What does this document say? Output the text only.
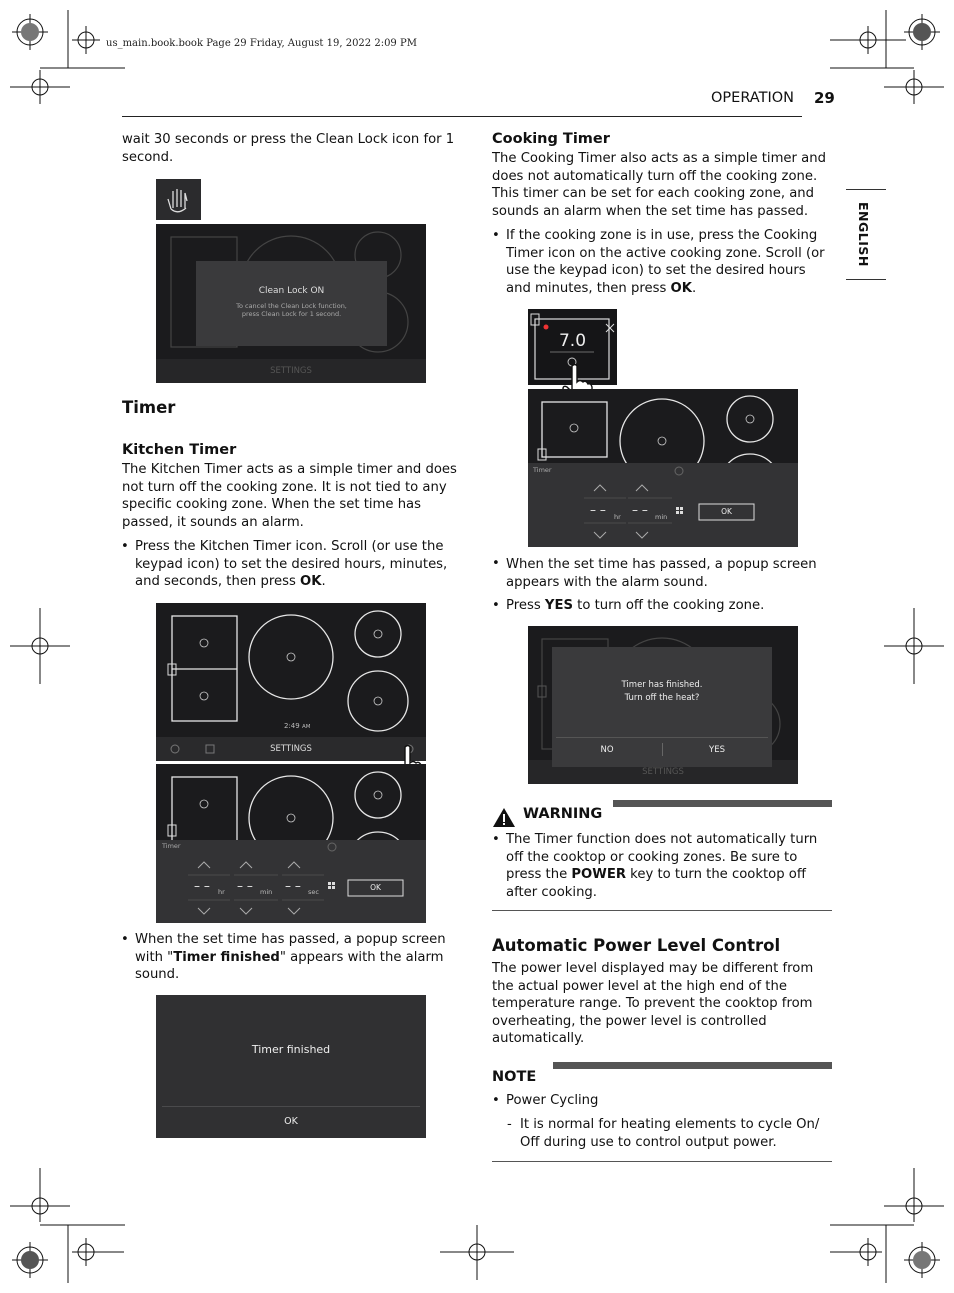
us_main.book.book Page 29 Friday, August 19, 2022 2:09 PM
OPERATION 29
ENGLISH
wait 30 seconds or press the Clean Lock icon for 1 second.
Clean Lock ON
To cancel the Clean Lock function,
press Clean Lock for 1 second.
SETTINGS
Timer
Kitchen Timer
The Kitchen Timer acts as a simple timer and does not turn off the cooking zone. It is not tied to any specific cooking zone. When the set time has passed, it sounds an alarm.
• Press the Kitchen Timer icon. Scroll (or use the keypad icon) to set the desired hours, minutes, and seconds, then press OK.
2:49 AM
SETTINGS
Timer
– – hr – – min – – sec	OK
• When the set time has passed, a popup screen with "Timer finished" appears with the alarm sound.
Timer finished
OK
Cooking Timer
The Cooking Timer also acts as a simple timer and does not automatically turn off the cooking zone. This timer can be set for each cooking zone, and sounds an alarm when the set time has passed.
• If the cooking zone is in use, press the Cooking Timer icon on the active cooking zone. Scroll (or use the keypad icon) to set the desired hours and minutes, then press OK.
7.0
Timer
– – hr – – min
OK
When the set time has passed, a popup screen appears with the alarm sound.
•
• Press YES to turn off the cooking zone.
Timer has finished.
Turn off the heat?
NO	YES
SETTINGS
WARNING
• The Timer function does not automatically turn off the cooktop or cooking zones. Be sure to press the POWER key to turn the cooktop off after cooking.
Automatic Power Level Control
The power level displayed may be different from the actual power level at the high end of the temperature range. To prevent the cooktop from overheating, the power level is controlled automatically.
NOTE
• Power Cycling
- It is normal for heating elements to cycle On/ Off during use to control output power.
